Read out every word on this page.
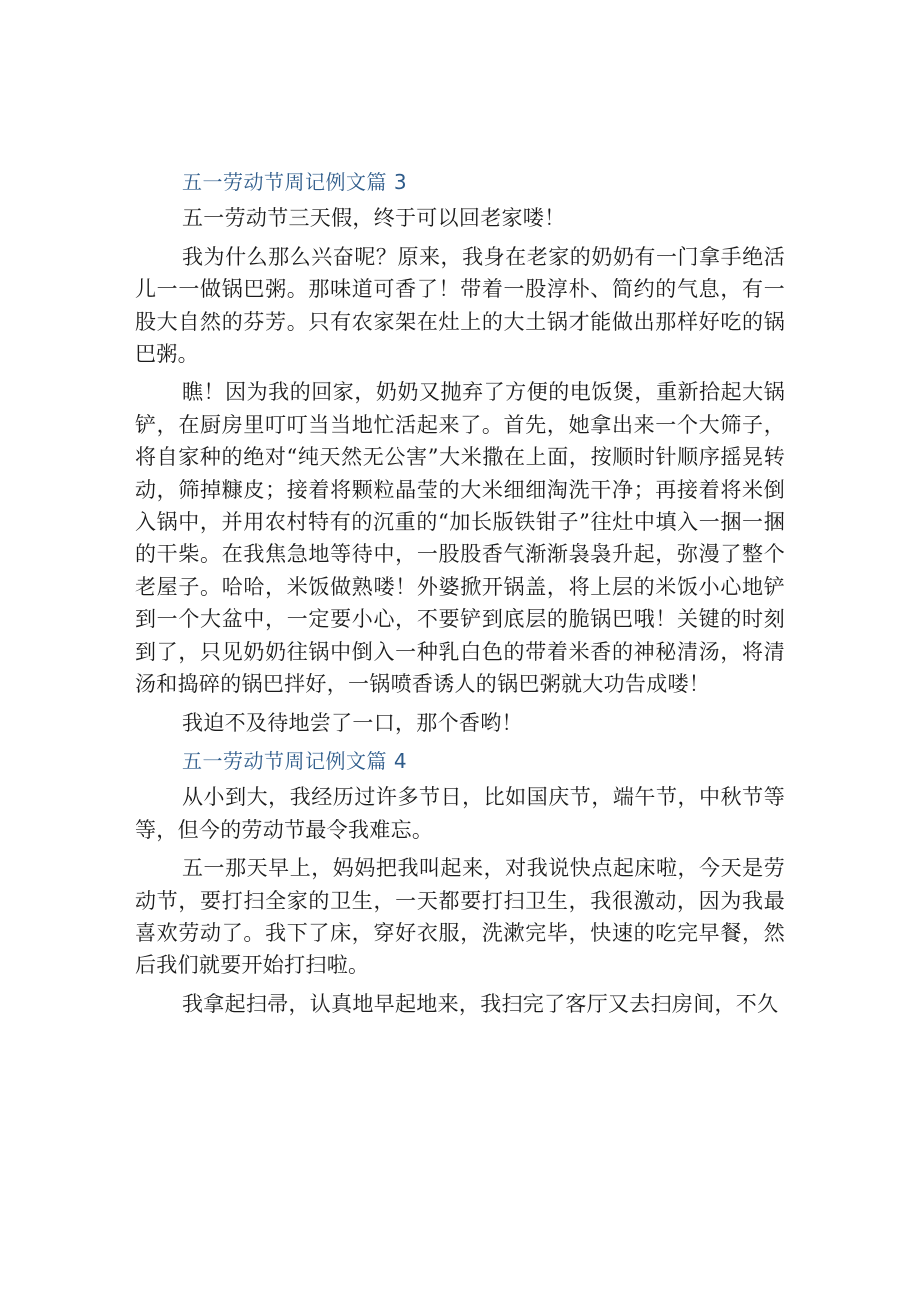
五一劳动节周记例文篇 3

五一劳动节三天假，终于可以回老家喽！

我为什么那么兴奋呢？原来，我身在老家的奶奶有一门拿手绝活儿一一做锅巴粥。那味道可香了！带着一股淳朴、简约的气息，有一股大自然的芬芳。只有农家架在灶上的大土锅才能做出那样好吃的锅巴粥。

瞧！因为我的回家，奶奶又抛弃了方便的电饭煲，重新拾起大锅铲，在厨房里叮叮当当地忙活起来了。首先，她拿出来一个大筛子，将自家种的绝对“纯天然无公害”大米撒在上面，按顺时针顺序摇晃转动，筛掉糠皮；接着将颗粒晶莹的大米细细淘洗干净；再接着将米倒入锅中，并用农村特有的沉重的“加长版铁钳子”往灶中填入一捆一捆的干柴。在我焦急地等待中，一股股香气渐渐袅袅升起，弥漫了整个老屋子。哈哈，米饭做熟喽！外婆掀开锅盖，将上层的米饭小心地铲到一个大盆中，一定要小心，不要铲到底层的脆锅巴哦！关键的时刻到了，只见奶奶往锅中倒入一种乳白色的带着米香的神秘清汤，将清汤和捣碎的锅巴拌好，一锅喷香诱人的锅巴粥就大功告成喽！

我迫不及待地尝了一口，那个香哟！

五一劳动节周记例文篇 4

从小到大，我经历过许多节日，比如国庆节，端午节，中秋节等等，但今的劳动节最令我难忘。

五一那天早上，妈妈把我叫起来，对我说快点起床啦，今天是劳动节，要打扫全家的卫生，一天都要打扫卫生，我很激动，因为我最喜欢劳动了。我下了床，穿好衣服，洗漱完毕，快速的吃完早餐，然后我们就要开始打扫啦。

我拿起扫帚，认真地早起地来，我扫完了客厅又去扫房间，不久
